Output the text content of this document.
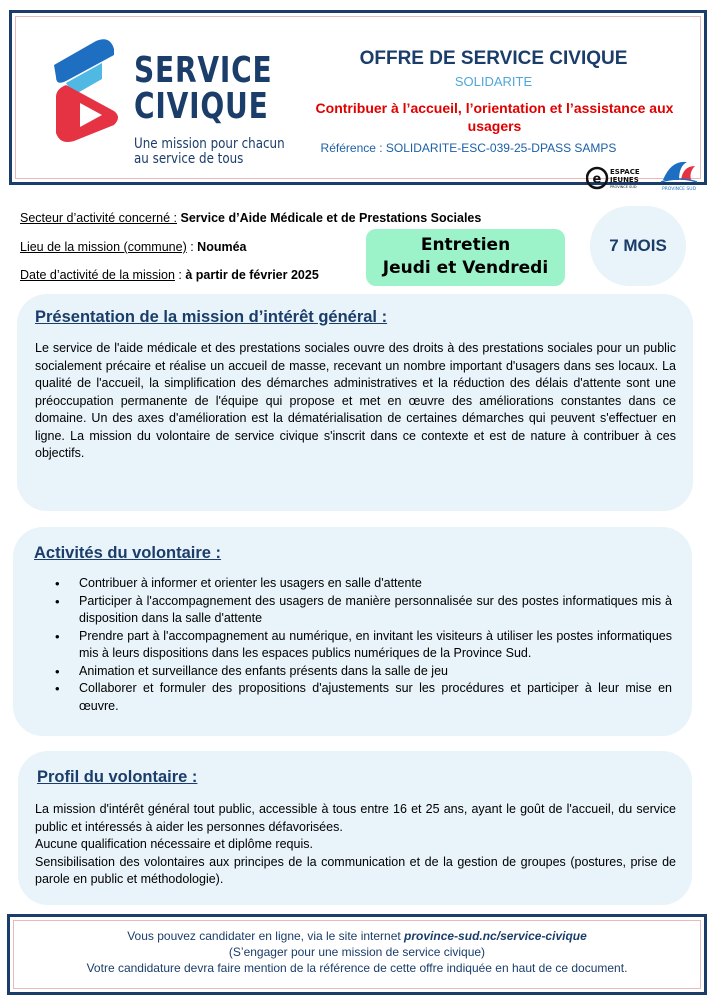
SERVICE
CIVIQUE
Une mission pour chacun
au service de tous
OFFRE DE SERVICE CIVIQUE
SOLIDARITE
Contribuer à l’accueil, l’orientation et l’assistance aux usagers
Référence : SOLIDARITE-ESC-039-25-DPASS SAMPS
e ESPACE
JEUNES
PROVINCE SUD	PROVINCE SUD
Secteur d’activité concerné : Service d’Aide Médicale et de Prestations Sociales
Lieu de la mission (commune) : Nouméa
Date d’activité de la mission : à partir de février 2025
Entretien
Jeudi et Vendredi
7 MOIS
Présentation de la mission d’intérêt général :
Le service de l'aide médicale et des prestations sociales ouvre des droits à des prestations sociales pour un public socialement précaire et réalise un accueil de masse, recevant un nombre important d'usagers dans ses locaux. La qualité de l'accueil, la simplification des démarches administratives et la réduction des délais d'attente sont une préoccupation permanente de l'équipe qui propose et met en œuvre des améliorations constantes dans ce domaine. Un des axes d'amélioration est la dématérialisation de certaines démarches qui peuvent s'effectuer en ligne. La mission du volontaire de service civique s'inscrit dans ce contexte et est de nature à contribuer à ces objectifs.
Activités du volontaire :
• Contribuer à informer et orienter les usagers en salle d'attente
• Participer à l'accompagnement des usagers de manière personnalisée sur des postes informatiques mis à disposition dans la salle d'attente
• Prendre part à l'accompagnement au numérique, en invitant les visiteurs à utiliser les postes informatiques mis à leurs dispositions dans les espaces publics numériques de la Province Sud.
• Animation et surveillance des enfants présents dans la salle de jeu
• Collaborer et formuler des propositions d'ajustements sur les procédures et participer à leur mise en œuvre.
Profil du volontaire :

La mission d'intérêt général tout public, accessible à tous entre 16 et 25 ans, ayant le goût de l'accueil, du service public et intéressés à aider les personnes défavorisées.

Aucune qualification nécessaire et diplôme requis.

Sensibilisation des volontaires aux principes de la communication et de la gestion de groupes (postures, prise de parole en public et méthodologie).

Vous pouvez candidater en ligne, via le site internet province-sud.nc/service-civique
(S’engager pour une mission de service civique)
Votre candidature devra faire mention de la référence de cette offre indiquée en haut de ce document.
